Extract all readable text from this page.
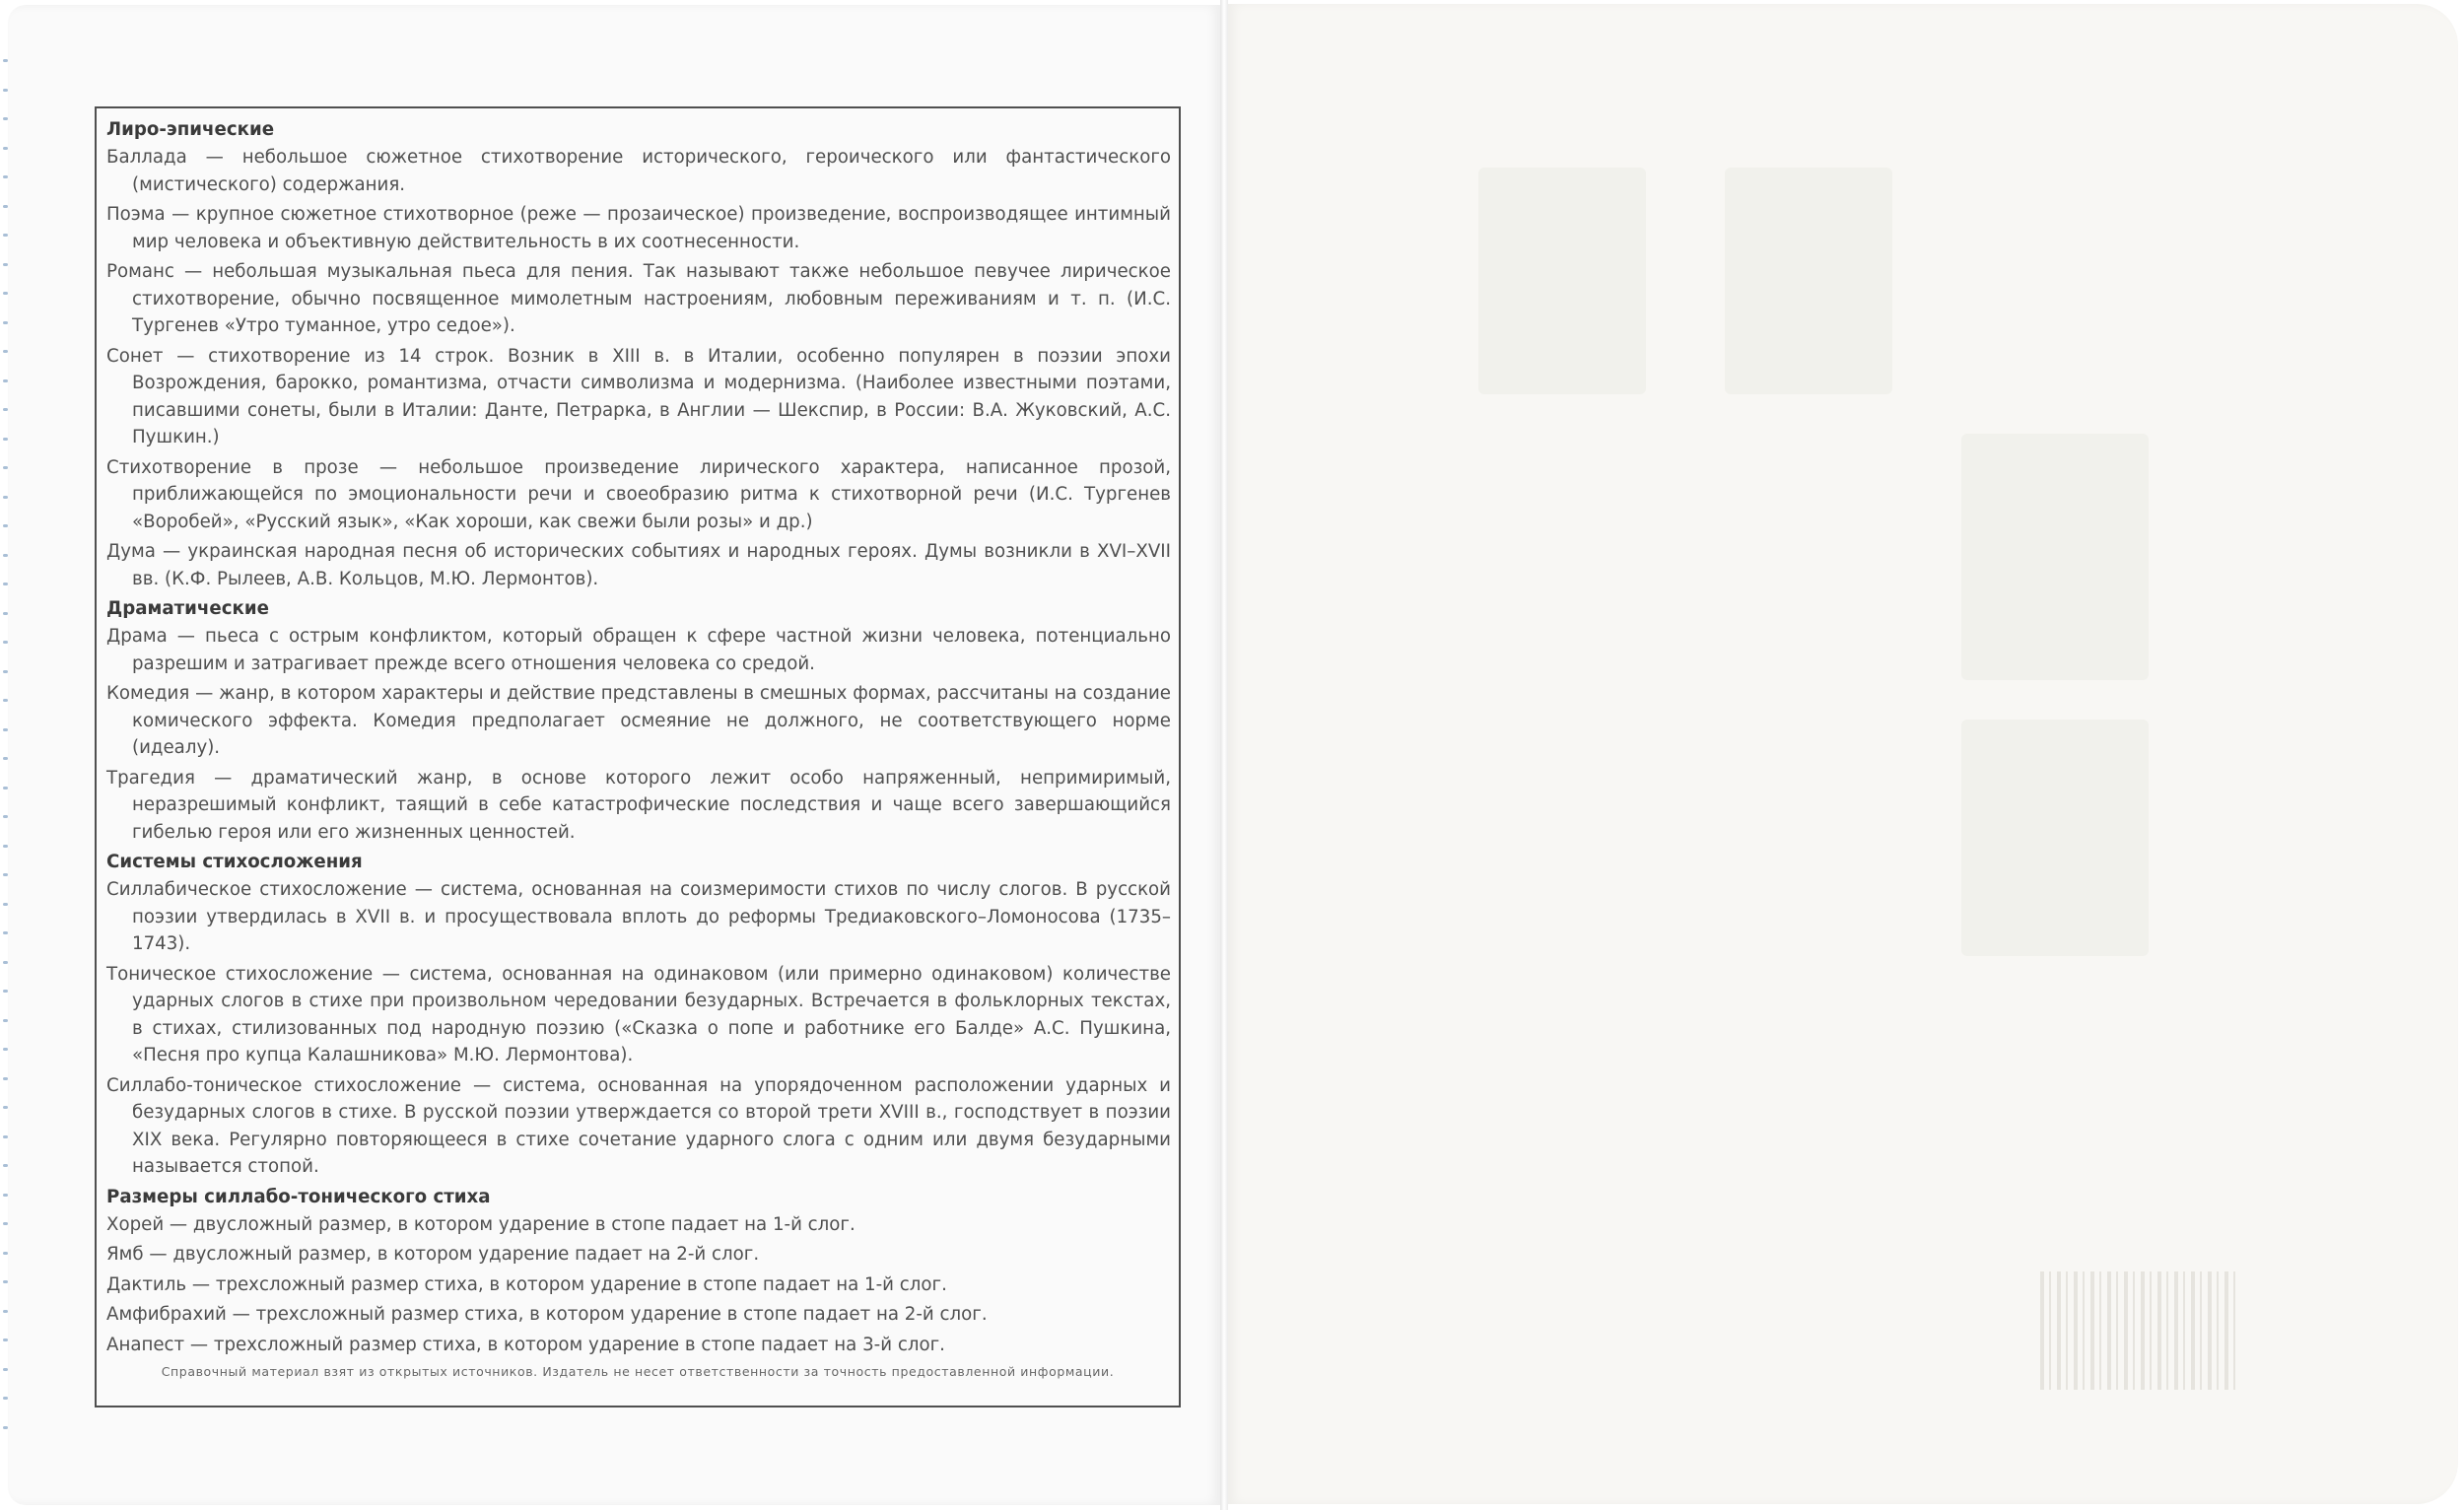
Лиро-эпические

Баллада — небольшое сюжетное стихотворение исторического, героического или фантастического (мистического) содержания.

Поэма — крупное сюжетное стихотворное (реже — прозаическое) произведение, воспроизводящее интимный мир человека и объективную действительность в их соотнесенности.

Романс — небольшая музыкальная пьеса для пения. Так называют также небольшое певучее лирическое стихотворение, обычно посвященное мимолетным настроениям, любовным переживаниям и т. п. (И.С. Тургенев «Утро туманное, утро седое»).

Сонет — стихотворение из 14 строк. Возник в XIII в. в Италии, особенно популярен в поэзии эпохи Возрождения, барокко, романтизма, отчасти символизма и модернизма. (Наиболее известными поэтами, писавшими сонеты, были в Италии: Данте, Петрарка, в Англии — Шекспир, в России: В.А. Жуковский, А.С. Пушкин.)

Стихотворение в прозе — небольшое произведение лирического характера, написанное прозой, приближающейся по эмоциональности речи и своеобразию ритма к стихотворной речи (И.С. Тургенев «Воробей», «Русский язык», «Как хороши, как свежи были розы» и др.)

Дума — украинская народная песня об исторических событиях и народных героях. Думы возникли в XVI–XVII вв. (К.Ф. Рылеев, А.В. Кольцов, М.Ю. Лермонтов).

Драматические

Драма — пьеса с острым конфликтом, который обращен к сфере частной жизни человека, потенциально разрешим и затрагивает прежде всего отношения человека со средой.

Комедия — жанр, в котором характеры и действие представлены в смешных формах, рассчитаны на создание комического эффекта. Комедия предполагает осмеяние не должного, не соответствующего норме (идеалу).

Трагедия — драматический жанр, в основе которого лежит особо напряженный, непримиримый, неразрешимый конфликт, таящий в себе катастрофические последствия и чаще всего завершающийся гибелью героя или его жизненных ценностей.

Системы стихосложения

Силлабическое стихосложение — система, основанная на соизмеримости стихов по числу слогов. В русской поэзии утвердилась в XVII в. и просуществовала вплоть до реформы Тредиаковского–Ломоносова (1735–1743).

Тоническое стихосложение — система, основанная на одинаковом (или примерно одинаковом) количестве ударных слогов в стихе при произвольном чередовании безударных. Встречается в фольклорных текстах, в стихах, стилизованных под народную поэзию («Сказка о попе и работнике его Балде» А.С. Пушкина, «Песня про купца Калашникова» М.Ю. Лермонтова).

Силлабо-тоническое стихосложение — система, основанная на упорядоченном расположении ударных и безударных слогов в стихе. В русской поэзии утверждается со второй трети XVIII в., господствует в поэзии XIX века. Регулярно повторяющееся в стихе сочетание ударного слога с одним или двумя безударными называется стопой.

Размеры силлабо-тонического стиха

Хорей — двусложный размер, в котором ударение в стопе падает на 1-й слог.

Ямб — двусложный размер, в котором ударение падает на 2-й слог.

Дактиль — трехсложный размер стиха, в котором ударение в стопе падает на 1-й слог.

Амфибрахий — трехсложный размер стиха, в котором ударение в стопе падает на 2-й слог.

Анапест — трехсложный размер стиха, в котором ударение в стопе падает на 3-й слог.

Справочный материал взят из открытых источников. Издатель не несет ответственности за точность предоставленной информации.
